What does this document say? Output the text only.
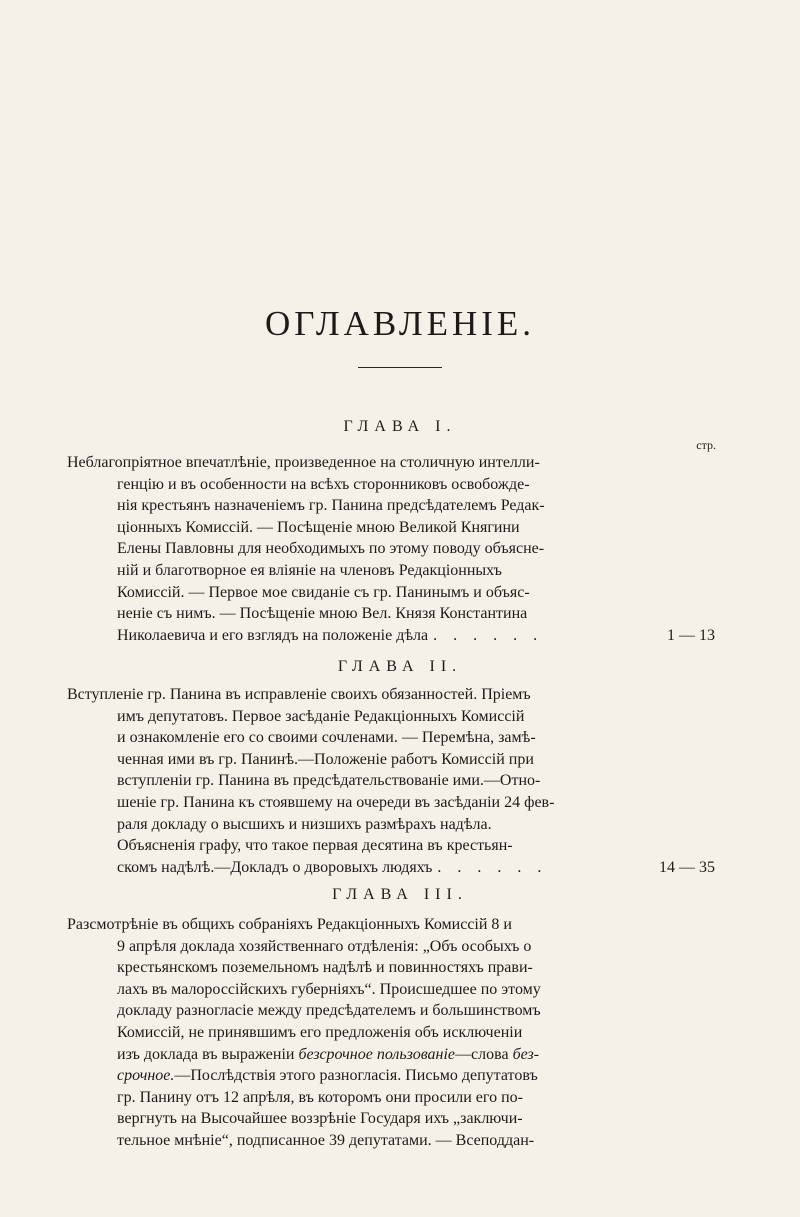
ОГЛАВЛЕНІЕ.
ГЛАВА I.
стр.
Неблагопріятное впечатлѣніе, произведенное на столичную интелли-
генцію и въ особенности на всѣхъ сторонниковъ освобожде-
нія крестьянъ назначеніемъ гр. Панина предсѣдателемъ Редак-
ціонныхъ Комиссій. — Посѣщеніе мною Великой Княгини
Елены Павловны для необходимыхъ по этому поводу объясне-
ній и благотворное ея вліяніе на членовъ Редакціонныхъ
Комиссій. — Первое мое свиданіе съ гр. Панинымъ и объяс-
неніе съ нимъ. — Посѣщеніе мною Вел. Князя Константина
Николаевича и его взглядъ на положеніе дѣла . . . . . .	1 — 13
ГЛАВА II.
Вступленіе гр. Панина въ исправленіе своихъ обязанностей. Пріемъ
имъ депутатовъ. Первое засѣданіе Редакціонныхъ Комиссій
и ознакомленіе его со своими сочленами. — Перемѣна, замѣ-
ченная ими въ гр. Панинѣ.—Положеніе работъ Комиссій при
вступленіи гр. Панина въ предсѣдательствованіе ими.—Отно-
шеніе гр. Панина къ стоявшему на очереди въ засѣданіи 24 фев-
раля докладу о высшихъ и низшихъ размѣрахъ надѣла.
Объясненія графу, что такое первая десятина въ крестьян-
скомъ надѣлѣ.—Докладъ о дворовыхъ людяхъ . . . . . .	14 — 35
ГЛАВА III.
Разсмотрѣніе въ общихъ собраніяхъ Редакціонныхъ Комиссій 8 и
9 апрѣля доклада хозяйственнаго отдѣленія: „Объ особыхъ о
крестьянскомъ поземельномъ надѣлѣ и повинностяхъ прави-
лахъ въ малороссійскихъ губерніяхъ“. Происшедшее по этому
докладу разногласіе между предсѣдателемъ и большинствомъ
Комиссій, не принявшимъ его предложенія объ исключеніи
изъ доклада въ выраженіи безсрочное пользованіе—слова без-
срочное.—Послѣдствія этого разногласія. Письмо депутатовъ
гр. Панину отъ 12 апрѣля, въ которомъ они просили его по-
вергнуть на Высочайшее воззрѣніе Государя ихъ „заключи-
тельное мнѣніе“, подписанное 39 депутатами. — Всеподдан-
